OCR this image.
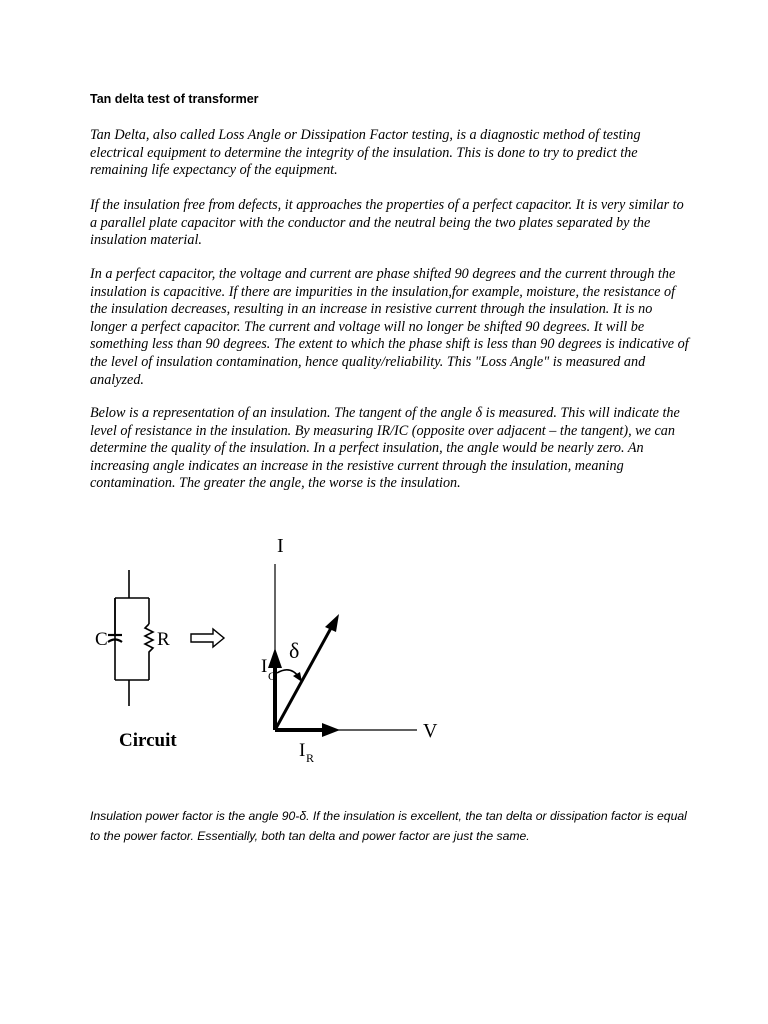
Tan delta test of transformer

Tan Delta, also called Loss Angle or Dissipation Factor testing, is a diagnostic method of testing electrical equipment to determine the integrity of the insulation. This is done to try to predict the remaining life expectancy of the equipment.

If the insulation free from defects, it approaches the properties of a perfect capacitor. It is very similar to a parallel plate capacitor with the conductor and the neutral being the two plates separated by the insulation material.

In a perfect capacitor, the voltage and current are phase shifted 90 degrees and the current through the insulation is capacitive. If there are impurities in the insulation,for example, moisture, the resistance of the insulation decreases, resulting in an increase in resistive current through the insulation. It is no longer a perfect capacitor. The current and voltage will no longer be shifted 90 degrees. It will be something less than 90 degrees. The extent to which the phase shift is less than 90 degrees is indicative of the level of insulation contamination, hence quality/reliability. This "Loss Angle" is measured and analyzed.

Below is a representation of an insulation. The tangent of the angle δ is measured. This will indicate the level of resistance in the insulation. By measuring IR/IC (opposite over adjacent – the tangent), we can determine the quality of the insulation. In a perfect insulation, the angle would be nearly zero. An increasing angle indicates an increase in the resistive current through the insulation, meaning contamination. The greater the angle, the worse is the insulation.

C	R
Circuit
I
V
δ
I C
I R

Insulation power factor is the angle 90-δ. If the insulation is excellent, the tan delta or dissipation factor is equal to the power factor. Essentially, both tan delta and power factor are just the same.
